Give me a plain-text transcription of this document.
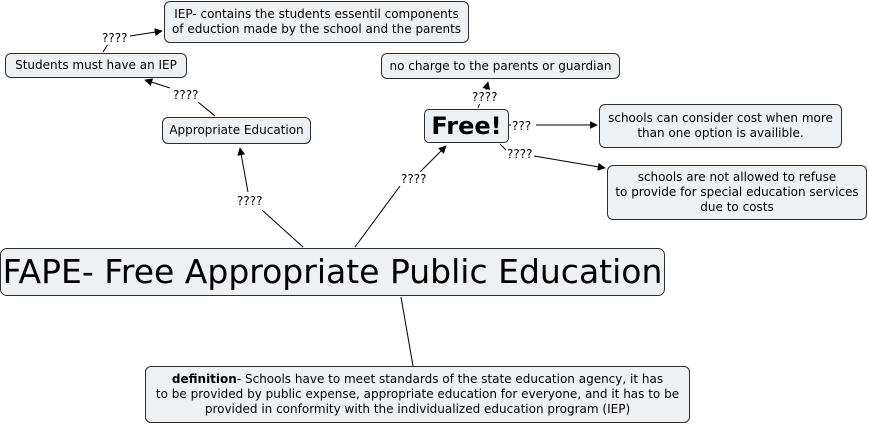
IEP- contains the students essentil components
of eduction made by the school and the parents
Students must have an IEP
Appropriate Education
no charge to the parents or guardian
Free!	schools can consider cost when more
than one option is availible.
schools are not allowed to refuse
to provide for special education services
due to costs
FAPE- Free Appropriate Public Education
definition- Schools have to meet standards of the state education agency, it has
to be provided by public expense, appropriate education for everyone, and it has to be
provided in conformity with the individualized education program (IEP)
????
????
????
????
????
???
????
